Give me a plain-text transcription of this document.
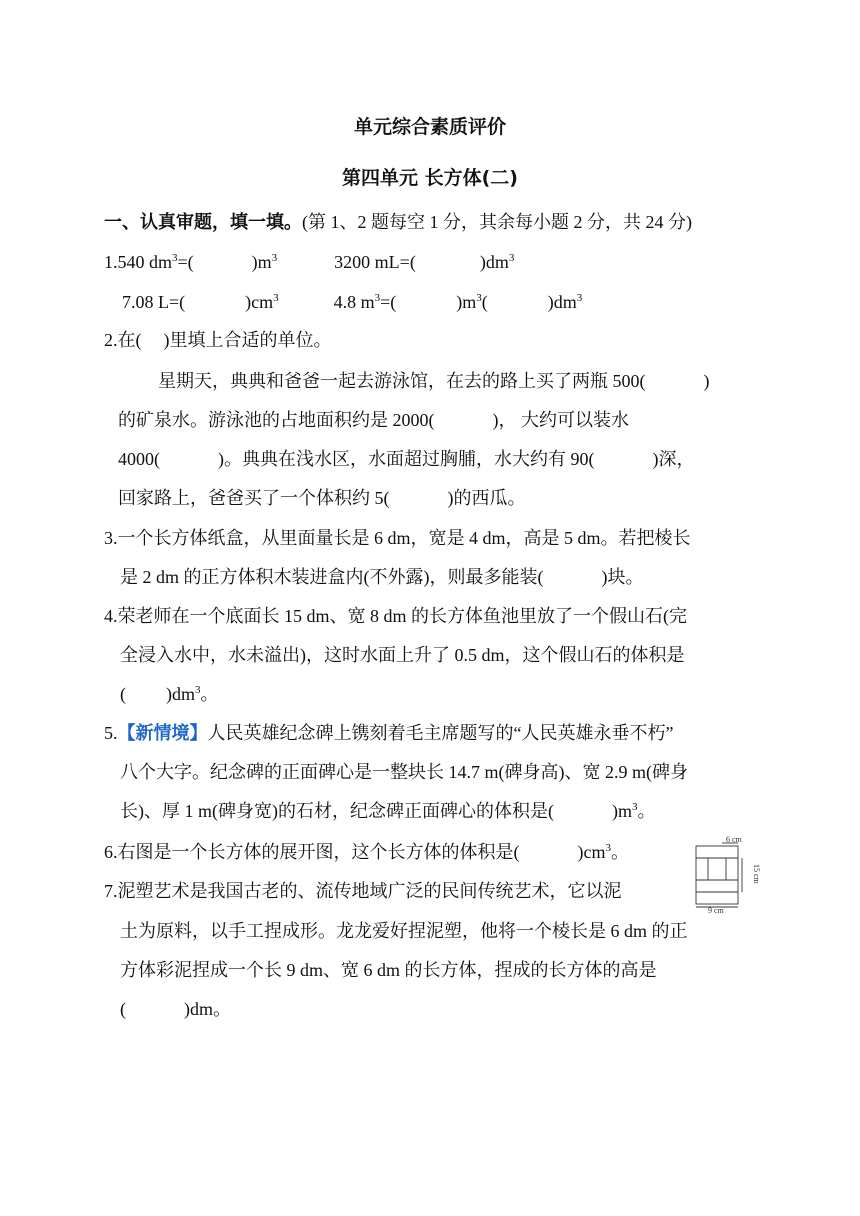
单元综合素质评价
第四单元 长方体(二)
一、认真审题，填一填。(第 1、2 题每空 1 分，其余每小题 2 分，共 24 分)
1.540 $dm^3=$(	)$m^3$	3200 mL=(	)$dm^3$
7.08 L=(	)$cm^3$	4.8 $m^3=$(	)$m^3$(	)$dm^3$
2.在( )里填上合适的单位。
星期天，典典和爸爸一起去游泳馆，在去的路上买了两瓶 500(	)
的矿泉水。游泳池的占地面积约是 2000(	)， 大约可以装水
4000(	)。典典在浅水区，水面超过胸脯，水大约有 90(	)深，
回家路上，爸爸买了一个体积约 5(	)的西瓜。
3.一个长方体纸盒，从里面量长是 6 dm，宽是 4 dm，高是 5 dm。若把棱长
是 2 dm 的正方体积木装进盒内(不外露)，则最多能装(	)块。
4.荣老师在一个底面长 15 dm、宽 8 dm 的长方体鱼池里放了一个假山石(完
全浸入水中，水未溢出)，这时水面上升了 0.5 dm，这个假山石的体积是
( )$dm^3$。
5.【新情境】人民英雄纪念碑上镌刻着毛主席题写的“人民英雄永垂不朽”
八个大字。纪念碑的正面碑心是一整块长 14.7 m(碑身高)、宽 2.9 m(碑身
长)、厚 1 m(碑身宽)的石材，纪念碑正面碑心的体积是(	)$m^3$。
6.右图是一个长方体的展开图，这个长方体的体积是(	)$cm^3$。
6 cm
15 cm
9 cm
7.泥塑艺术是我国古老的、流传地域广泛的民间传统艺术，它以泥
土为原料，以手工捏成形。龙龙爱好捏泥塑，他将一个棱长是 6 dm 的正
方体彩泥捏成一个长 9 dm、宽 6 dm 的长方体，捏成的长方体的高是
(	)dm。
